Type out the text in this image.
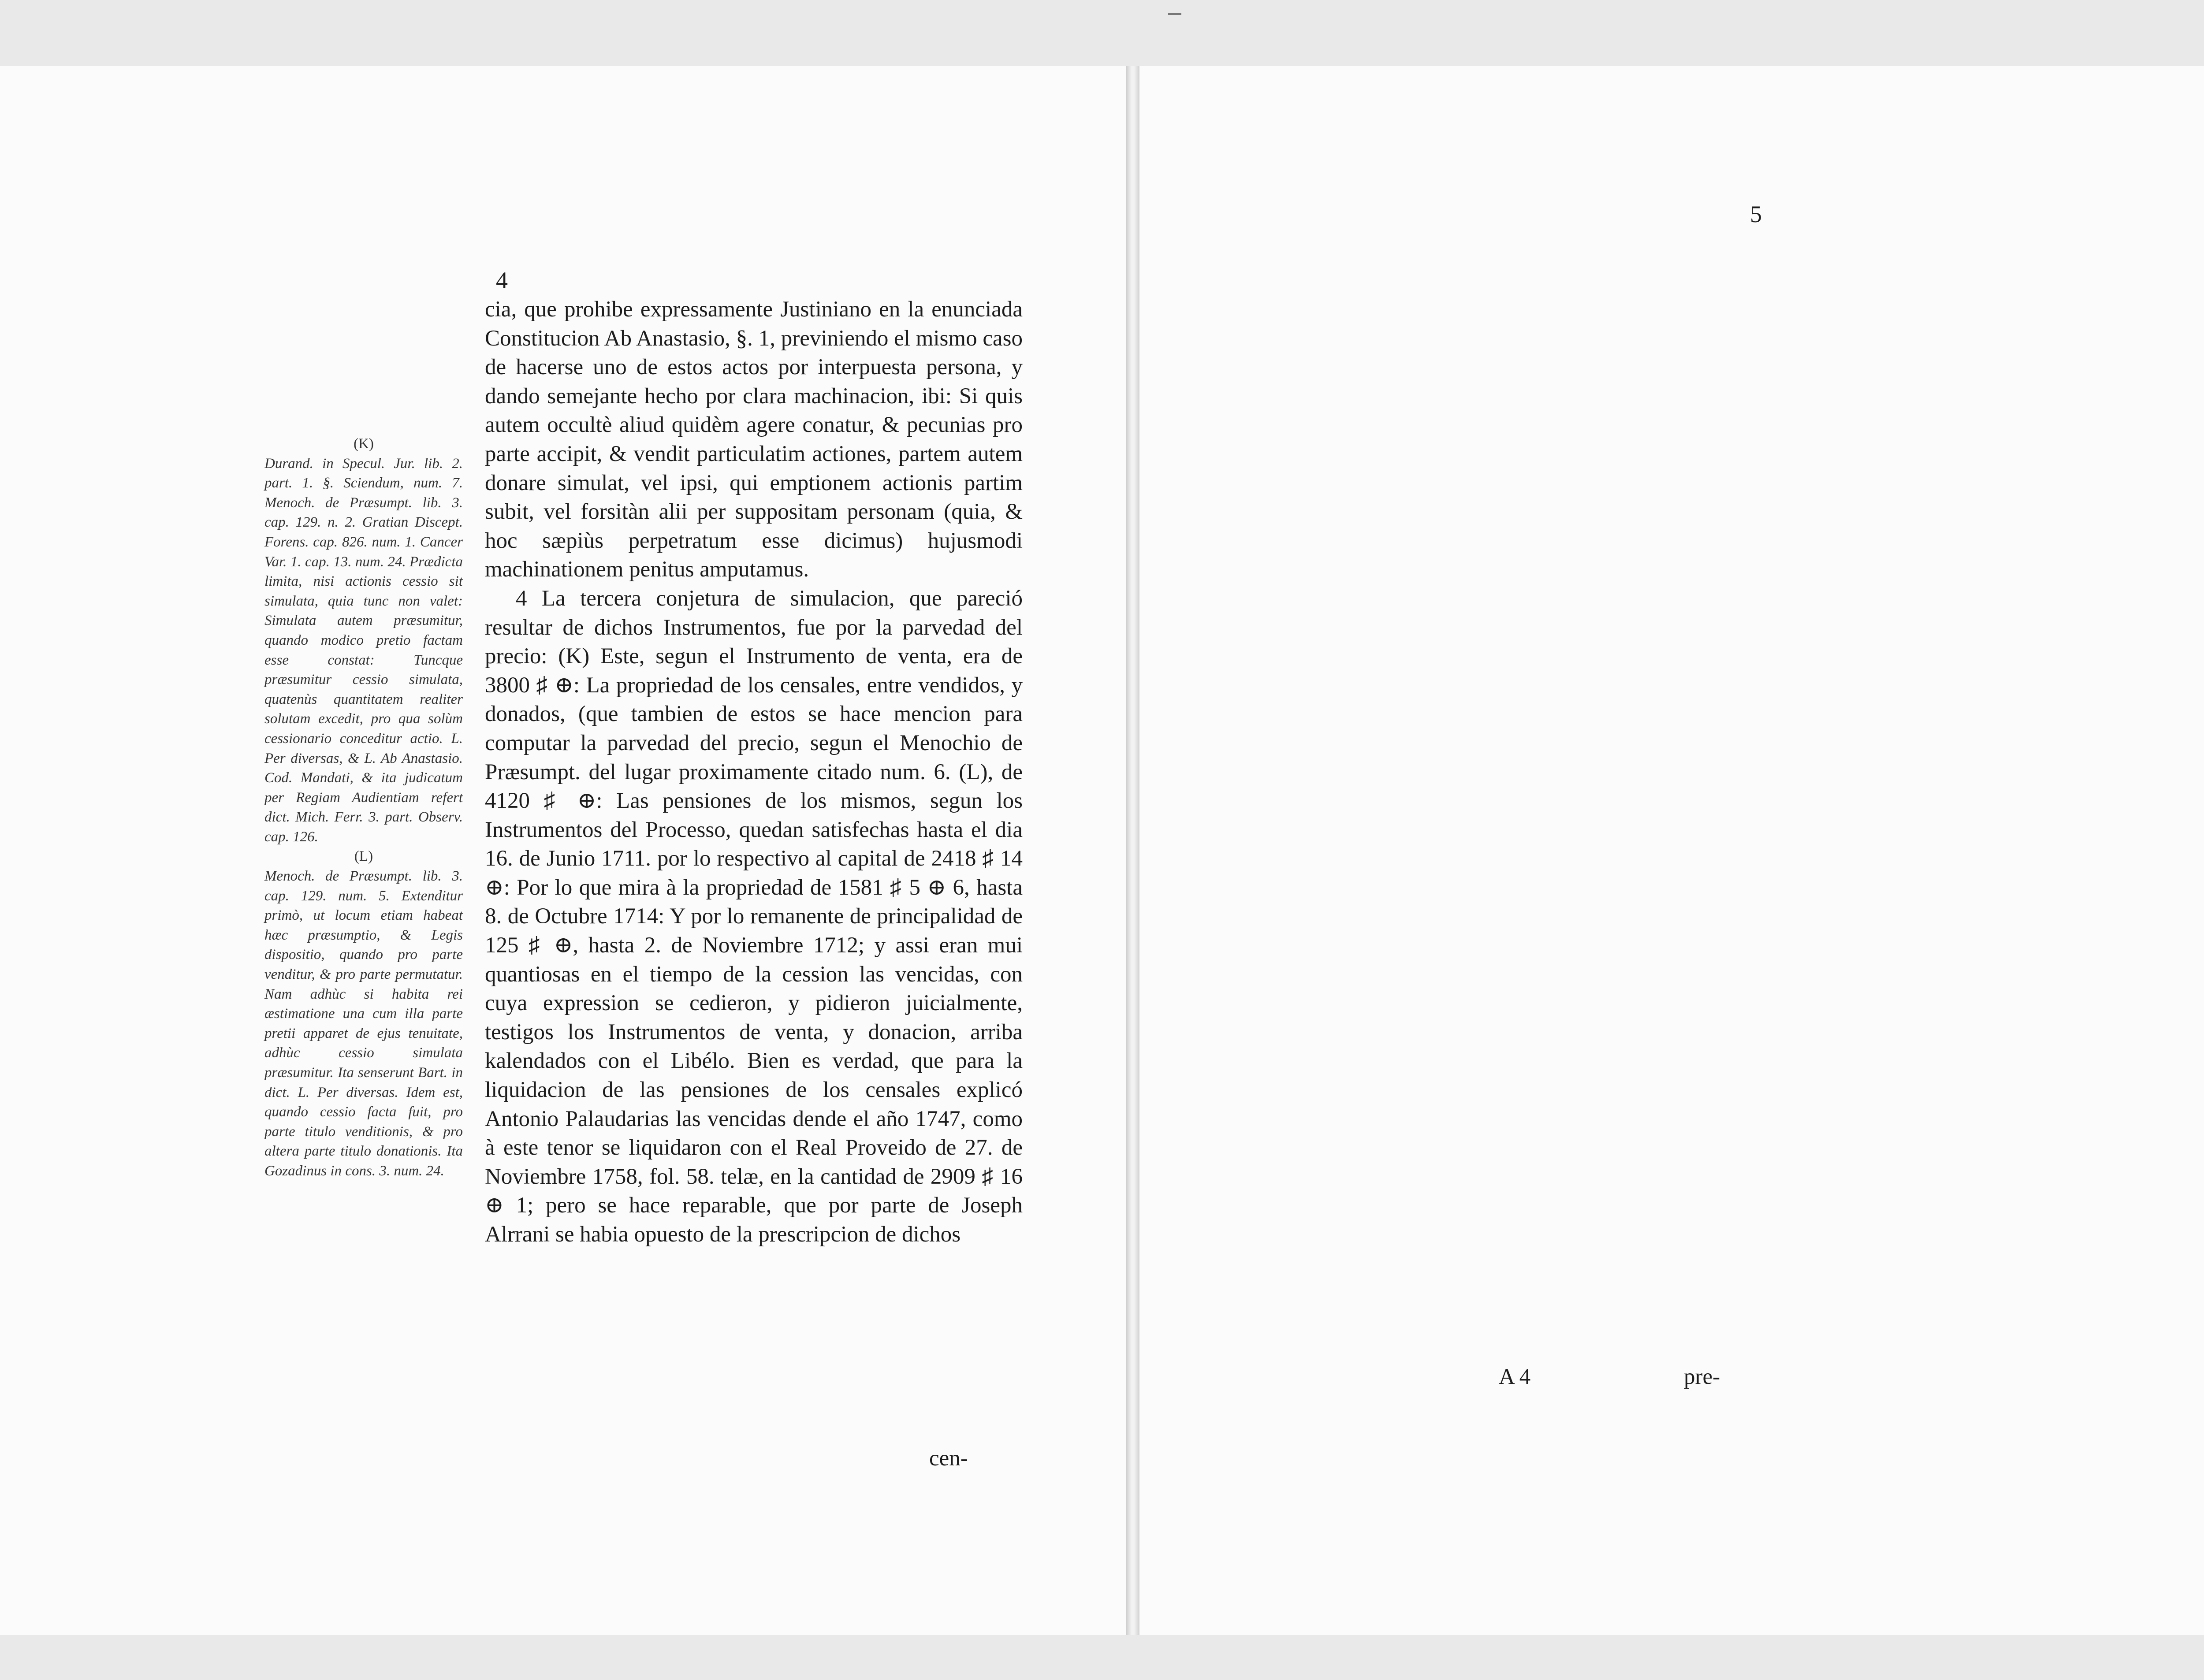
4
(K)

Durand. in Specul. Jur. lib. 2. part. 1. §. Sciendum, num. 7. Menoch. de Præsumpt. lib. 3. cap. 129. n. 2. Gratian Discept. Forens. cap. 826. num. 1. Cancer Var. 1. cap. 13. num. 24. Prædicta limita, nisi actionis cessio sit simulata, quia tunc non valet: Simulata autem præsumitur, quando modico pretio factam esse constat: Tuncque præsumitur cessio simulata, quatenùs quantitatem realiter solutam excedit, pro qua solùm cessionario conceditur actio. L. Per diversas, & L. Ab Anastasio. Cod. Mandati, & ita judicatum per Regiam Audientiam refert dict. Mich. Ferr. 3. part. Observ. cap. 126.

(L)

Menoch. de Præsumpt. lib. 3. cap. 129. num. 5. Extenditur primò, ut locum etiam habeat hæc præsumptio, & Legis dispositio, quando pro parte venditur, & pro parte permutatur. Nam adhùc si habita rei æstimatione una cum illa parte pretii apparet de ejus tenuitate, adhùc cessio simulata præsumitur. Ita senserunt Bart. in dict. L. Per diversas. Idem est, quando cessio facta fuit, pro parte titulo venditionis, & pro altera parte titulo donationis. Ita Gozadinus in cons. 3. num. 24.

cia, que prohibe expressamente Justiniano en la enunciada Constitucion Ab Anastasio, §. 1, previniendo el mismo caso de hacerse uno de estos actos por interpuesta persona, y dando semejante hecho por clara machinacion, ibi: Si quis autem occultè aliud quidèm agere conatur, & pecunias pro parte accipit, & vendit particulatim actiones, partem autem donare simulat, vel ipsi, qui emptionem actionis partim subit, vel forsitàn alii per suppositam personam (quia, & hoc sæpiùs perpetratum esse dicimus) hujusmodi machinationem penitus amputamus.

4 La tercera conjetura de simulacion, que pareció resultar de dichos Instrumentos, fue por la parvedad del precio: (K) Este, segun el Instrumento de venta, era de 3800 ♯ ⊕: La propriedad de los censales, entre vendidos, y donados, (que tambien de estos se hace mencion para computar la parvedad del precio, segun el Menochio de Præsumpt. del lugar proximamente citado num. 6. (L), de 4120 ♯ ⊕: Las pensiones de los mismos, segun los Instrumentos del Processo, quedan satisfechas hasta el dia 16. de Junio 1711. por lo respectivo al capital de 2418 ♯ 14 ⊕: Por lo que mira à la propriedad de 1581 ♯ 5 ⊕ 6, hasta 8. de Octubre 1714: Y por lo remanente de principalidad de 125 ♯ ⊕, hasta 2. de Noviembre 1712; y assi eran mui quantiosas en el tiempo de la cession las vencidas, con cuya expression se cedieron, y pidieron juicialmente, testigos los Instrumentos de venta, y donacion, arriba kalendados con el Libélo. Bien es verdad, que para la liquidacion de las pensiones de los censales explicó Antonio Palaudarias las vencidas dende el año 1747, como à este tenor se liquidaron con el Real Proveido de 27. de Noviembre 1758, fol. 58. telæ, en la cantidad de 2909 ♯ 16 ⊕ 1; pero se hace reparable, que por parte de Joseph Alrrani se habia opuesto de la prescripcion de dichos

cen-

5
A 4	pre-
